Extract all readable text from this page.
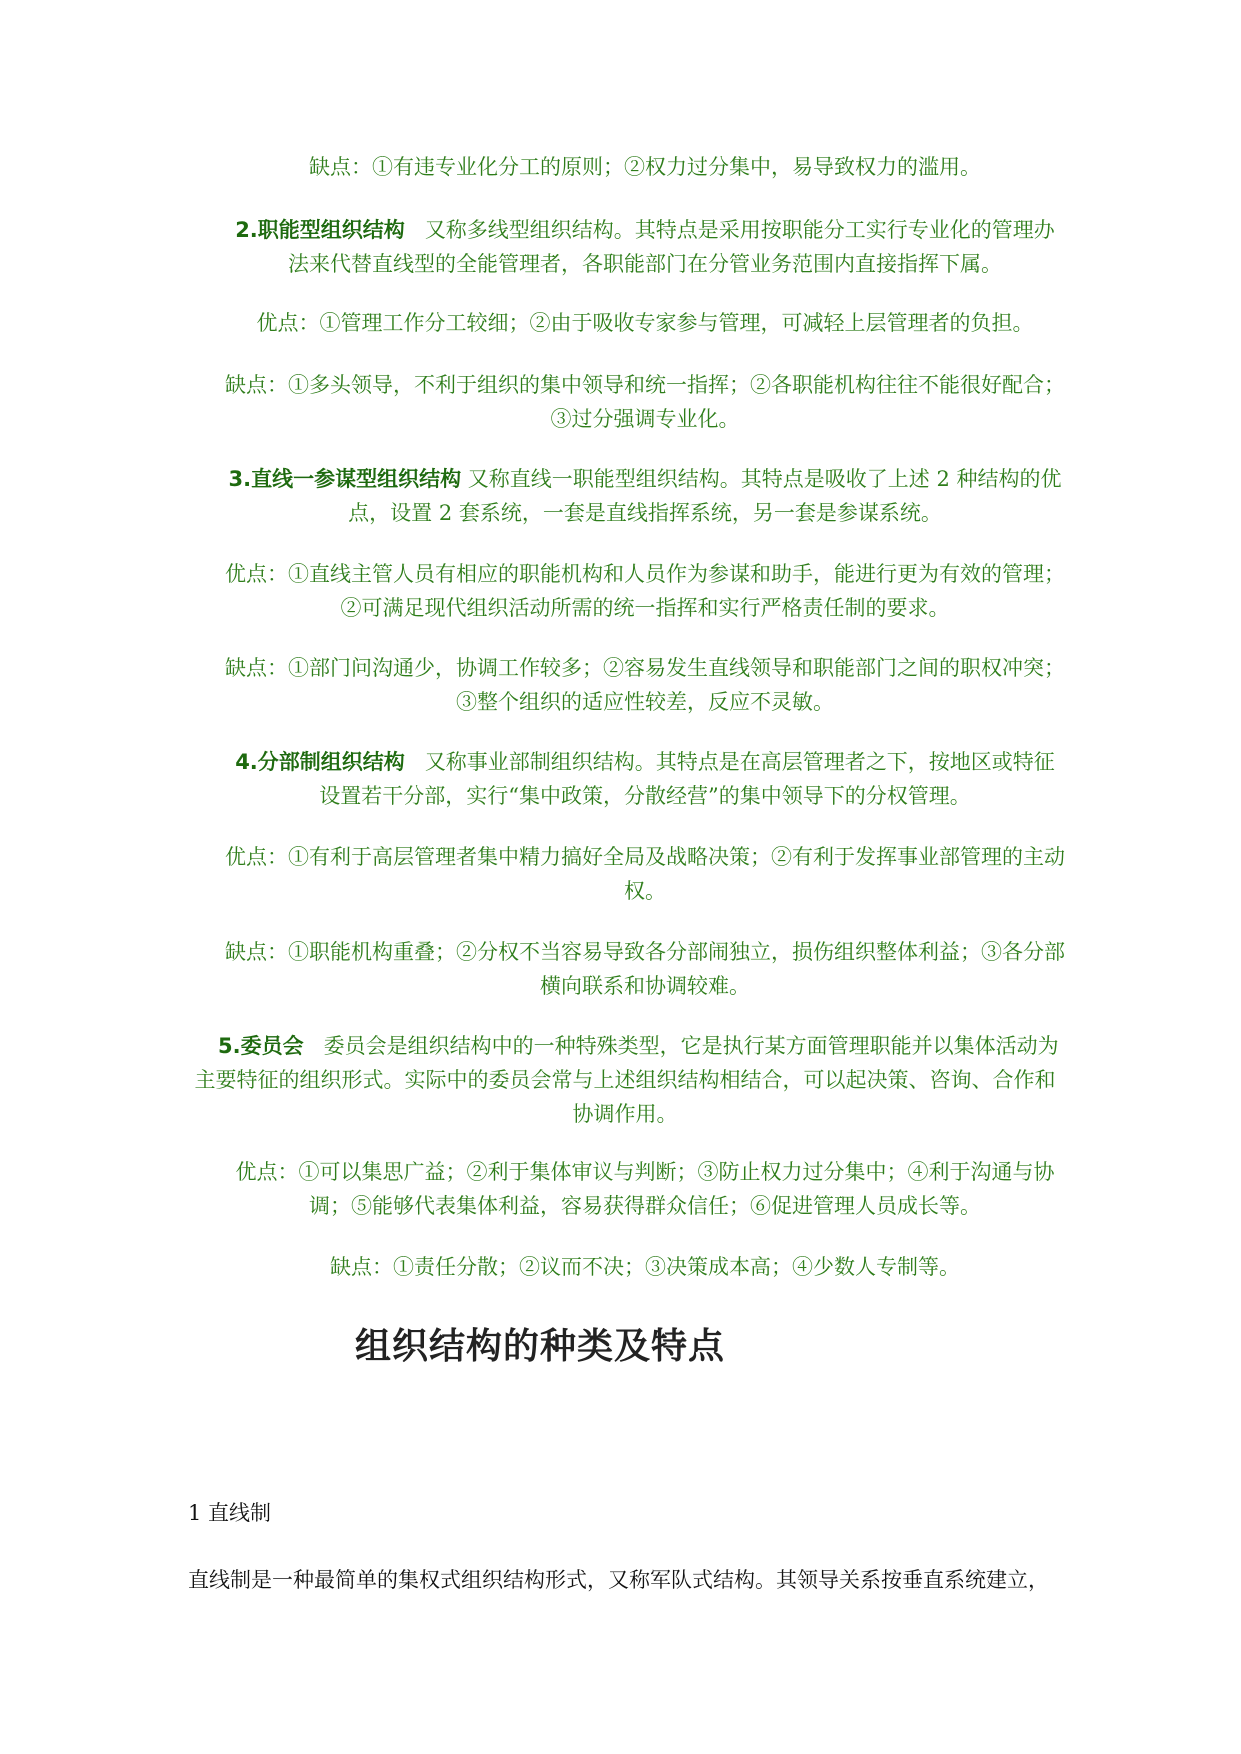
缺点：①有违专业化分工的原则；②权力过分集中，易导致权力的滥用。
2.职能型组织结构 又称多线型组织结构。其特点是采用按职能分工实行专业化的管理办法来代替直线型的全能管理者，各职能部门在分管业务范围内直接指挥下属。
优点：①管理工作分工较细；②由于吸收专家参与管理，可减轻上层管理者的负担。
缺点：①多头领导，不利于组织的集中领导和统一指挥；②各职能机构往往不能很好配合；③过分强调专业化。
3.直线一参谋型组织结构 又称直线一职能型组织结构。其特点是吸收了上述 2 种结构的优点，设置 2 套系统，一套是直线指挥系统，另一套是参谋系统。
优点：①直线主管人员有相应的职能机构和人员作为参谋和助手，能进行更为有效的管理；②可满足现代组织活动所需的统一指挥和实行严格责任制的要求。
缺点：①部门问沟通少，协调工作较多；②容易发生直线领导和职能部门之间的职权冲突；③整个组织的适应性较差，反应不灵敏。
4.分部制组织结构 又称事业部制组织结构。其特点是在高层管理者之下，按地区或特征设置若干分部，实行“集中政策，分散经营”的集中领导下的分权管理。
优点：①有利于高层管理者集中精力搞好全局及战略决策；②有利于发挥事业部管理的主动权。
缺点：①职能机构重叠；②分权不当容易导致各分部闹独立，损伤组织整体利益；③各分部横向联系和协调较难。
5.委员会 委员会是组织结构中的一种特殊类型，它是执行某方面管理职能并以集体活动为主要特征的组织形式。实际中的委员会常与上述组织结构相结合，可以起决策、咨询、合作和协调作用。
优点：①可以集思广益；②利于集体审议与判断；③防止权力过分集中；④利于沟通与协调；⑤能够代表集体利益，容易获得群众信任；⑥促进管理人员成长等。
缺点：①责任分散；②议而不决；③决策成本高；④少数人专制等。
组织结构的种类及特点
1 直线制
直线制是一种最简单的集权式组织结构形式，又称军队式结构。其领导关系按垂直系统建立，
